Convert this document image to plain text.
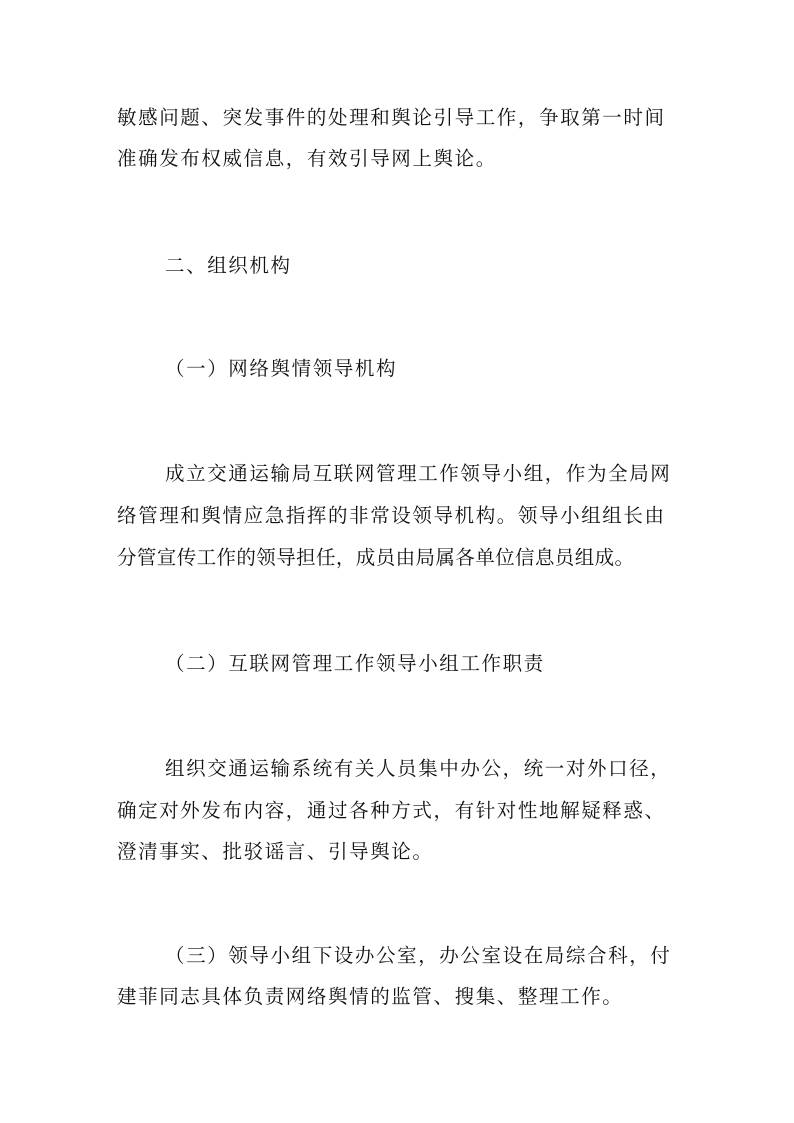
敏感问题、突发事件的处理和舆论引导工作，争取第一时间
准确发布权威信息，有效引导网上舆论。
二、组织机构
（一）网络舆情领导机构
成立交通运输局互联网管理工作领导小组，作为全局网
络管理和舆情应急指挥的非常设领导机构。领导小组组长由
分管宣传工作的领导担任，成员由局属各单位信息员组成。
（二）互联网管理工作领导小组工作职责
组织交通运输系统有关人员集中办公，统一对外口径，
确定对外发布内容，通过各种方式，有针对性地解疑释惑、
澄清事实、批驳谣言、引导舆论。
（三）领导小组下设办公室，办公室设在局综合科，付
建菲同志具体负责网络舆情的监管、搜集、整理工作。
